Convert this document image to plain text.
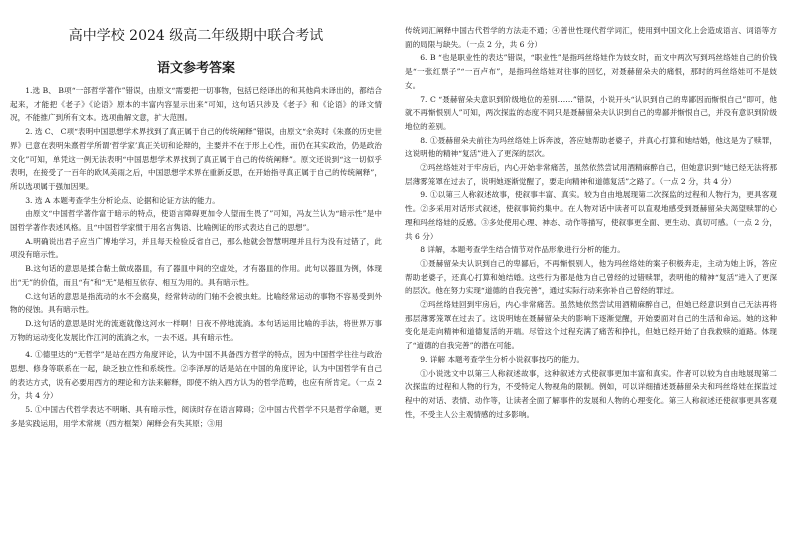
高中学校 2024 级高二年级期中联合考试
语文参考答案

1.选 B、 B项“一部哲学著作”错误，由原文“需要把一切事物，包括已经译出的和其他尚未译出的，都结合起来，才能把《老子》《论语》原本的丰富内容显示出来”可知，这句话只涉及《老子》和《论语》的译文情况，不能推广到所有文本。选项曲解文意，扩大范围。

2. 选 C、 C项“表明中国思想学术界找到了真正属于自己的传统阐释”错误，由原文“余英时《朱熹的历史世界》已意在表明朱熹哲学所谓‘哲学家’真正关切和论辩的，主要并不在于形上心性，而仍在其实政治，仍是政治文化”可知，单凭这一例无法表明“中国思想学术界找到了真正属于自己的传统阐释”。原文还说到“这一切似乎表明，在接受了一百年的欧风美雨之后，中国思想学术界在重新反思，在开始指寻真正属于自己的传统阐释”，所以选项属于强加因果。

3. 选 A 本题考查学生分析论点、论据和论证方法的能力。

由原文“中国哲学著作富于暗示的特点，使语言障碍更加令人望而生畏了”可知，冯友兰认为“暗示性”是中国哲学著作表述风格。且“中国哲学家惯于用名言隽语、比喻例证的形式表达自己的思想”。

A.明确说出君子应当广博地学习，并且每天检验反省自己，那么他就会智慧明理并且行为没有过错了，此项没有暗示性。

B.这句话的意思是揉合黏土做成器皿，有了器皿中间的空虚处，才有器皿的作用。此句以器皿为例，体现出“无”的价值，而且“有”和“无”是相互依存、相互为用的。具有暗示性。

C.这句话的意思是指流动的水不会腐臭，经常转动的门轴不会被虫蛀。比喻经常运动的事物不容易受到外物的侵蚀。具有暗示性。

D.这句话的意思是时光的流逝就像这河水一样啊！日夜不停地流淌。本句话运用比喻的手法，将世界万事万物的运动变化发展比作江河的流淌之水，一去不返。具有暗示性。

4. ①德里达的“无哲学”是站在西方角度评论，认为中国不具备西方哲学的特点，因为中国哲学往往与政治思想、修身等联系在一起，缺乏独立性和系统性。②李泽厚的话是站在中国的角度评论，认为中国哲学有自己的表达方式，说有必要用西方的理论和方法来解释，即使不纳入西方认为的哲学范畴，也应有所肯定。（一点 2 分，共 4 分）

5. ①中国古代哲学表达不明晰、具有暗示性，阅读时存在语言障碍；②中国古代哲学不只是哲学命题，更多是实践运用，用学术常规（西方框架）阐释会有失其原；③用

传统词汇阐释中国古代哲学的方法走不通；④普世性现代哲学词汇，使用到中国文化上会造成语言、词语等方面的局限与缺失。（一点 2 分，共 6 分）

6. B “也是职业性的表达”错误，“职业性”是指玛丝络娃作为妓女时，而文中两次写到玛丝络娃自己的价钱是“一张红票子”“一百卢布”，是指玛丝络娃对往事的回忆，对聂赫留朵夫的痛恨，那时的玛丝络娃可不是妓女。

7. C “聂赫留朵夫意识到阶级地位的差别……”错误，小说开头“认识到自己的卑鄙因而惭恨自己”即可，他就不再惭恨别人”可知，两次探监的态度不同只是聂赫留朵夫认识到自己的卑鄙并惭恨自己，并没有意识到阶级地位的差别。

8. ①聂赫留朵夫前往为玛丝络娃上诉奔波，答应她帮助老婆子，并真心打算和她结婚，他这是为了赎罪，这说明他的精神“复活”进入了更深的层次。

②玛丝络娃对于牢房后，内心开始非常痛苦，虽然依然尝试用酒精麻醉自己，但她意识到“她已经无法将那层薄雾笼罩在过去了，说明她逐渐觉醒了，要走向精神和道德复活”之路了。（一点 2 分，共 4 分）

9. ①以第三人称叙述故事，使叙事丰富、真实。较为自由地展现第二次探监的过程和人物行为，更具客观性。②多采用对话形式叙述，使叙事简约集中。在人物对话中读者可以直观地感受到聂赫留朵夫渴望赎罪的心理和玛丝络娃的反感。③多处使用心理、神态、动作等描写，使叙事更全面、更生动、真切可感。（一点 2 分，共 6 分）

8 详解，本题考查学生结合情节对作品形象进行分析的能力。

①聂赫留朵夫认识到自己的卑鄙后，不再惭恨别人，他为玛丝络娃的案子积极奔走，主动为她上诉，答应帮助老婆子，还真心打算和她结婚。这些行为都是他为自己曾经的过错赎罪，表明他的精神“复活”进入了更深的层次。他在努力实现“道德的自我完善”，通过实际行动来弥补自己曾经的罪过。

②玛丝络娃回到牢房后，内心非常痛苦。虽然她依然尝试用酒精麻醉自己，但她已经意识到自己无法再将那层薄雾笼罩在过去了。这说明她在聂赫留朵夫的影响下逐渐觉醒，开始要面对自己的生活和命运。她的这种变化是走向精神和道德复活的开端。尽管这个过程充满了痛苦和挣扎，但她已经开始了自我救赎的道路。体现了“道德的自我完善”的潜在可能。

9. 详解 本题考查学生分析小说叙事技巧的能力。

①小说选文中以第三人称叙述故事，这种叙述方式使叙事更加丰富和真实。作者可以较为自由地展现第二次探监的过程和人物的行为，不受特定人物视角的限制。例如，可以详细描述聂赫留朵夫和玛丝络娃在探监过程中的对话、表情、动作等，让读者全面了解事件的发展和人物的心理变化。第三人称叙述还使叙事更具客观性，不受主人公主观情感的过多影响。
